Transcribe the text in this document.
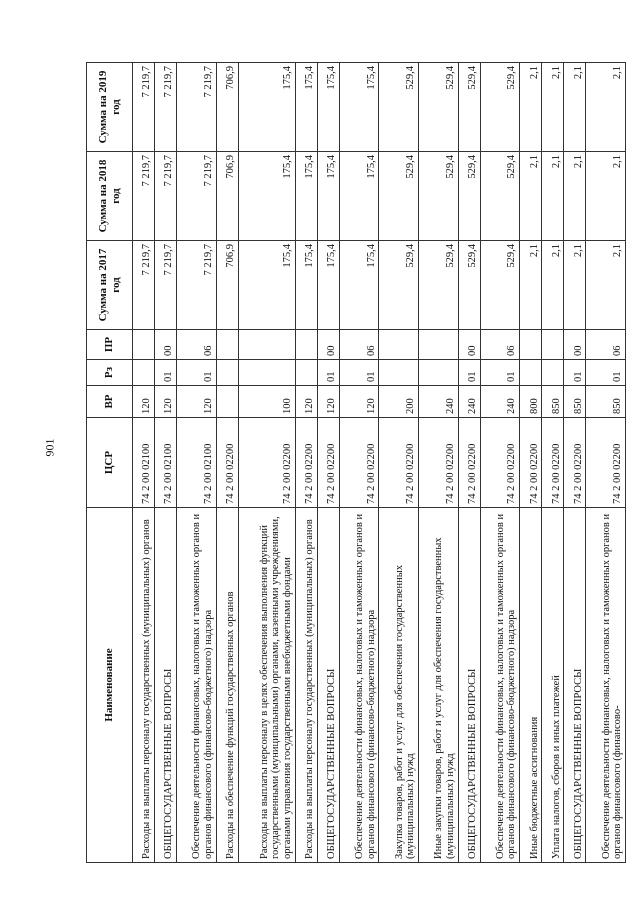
901
Наименование	ЦСР	ВР	Рз	ПР	Сумма на 2017 год	Сумма на 2018 год	Сумма на 2019 год
Расходы на выплаты персоналу государственных (муниципальных) органов	74 2 00 02100	120			7 219,7	7 219,7	7 219,7
ОБЩЕГОСУДАРСТВЕННЫЕ ВОПРОСЫ	74 2 00 02100	120	01	00	7 219,7	7 219,7	7 219,7
Обеспечение деятельности финансовых, налоговых и таможенных органов и органов финансового (финансово-бюджетного) надзора	74 2 00 02100	120	01	06	7 219,7	7 219,7	7 219,7
Расходы на обеспечение функций государственных органов	74 2 00 02200				706,9	706,9	706,9
Расходы на выплаты персоналу в целях обеспечения выполнения функций государственными (муниципальными) органами, казенными учреждениями, органами управления государственными внебюджетными фондами	74 2 00 02200	100			175,4	175,4	175,4
Расходы на выплаты персоналу государственных (муниципальных) органов	74 2 00 02200	120			175,4	175,4	175,4
ОБЩЕГОСУДАРСТВЕННЫЕ ВОПРОСЫ	74 2 00 02200	120	01	00	175,4	175,4	175,4
Обеспечение деятельности финансовых, налоговых и таможенных органов и органов финансового (финансово-бюджетного) надзора	74 2 00 02200	120	01	06	175,4	175,4	175,4
Закупка товаров, работ и услуг для обеспечения государственных (муниципальных) нужд	74 2 00 02200	200			529,4	529,4	529,4
Иные закупки товаров, работ и услуг для обеспечения государственных (муниципальных) нужд	74 2 00 02200	240			529,4	529,4	529,4
ОБЩЕГОСУДАРСТВЕННЫЕ ВОПРОСЫ	74 2 00 02200	240	01	00	529,4	529,4	529,4
Обеспечение деятельности финансовых, налоговых и таможенных органов и органов финансового (финансово-бюджетного) надзора	74 2 00 02200	240	01	06	529,4	529,4	529,4
Иные бюджетные ассигнования	74 2 00 02200	800			2,1	2,1	2,1
Уплата налогов, сборов и иных платежей	74 2 00 02200	850			2,1	2,1	2,1
ОБЩЕГОСУДАРСТВЕННЫЕ ВОПРОСЫ	74 2 00 02200	850	01	00	2,1	2,1	2,1
Обеспечение деятельности финансовых, налоговых и таможенных органов и органов финансового (финансово-	74 2 00 02200	850	01	06	2,1	2,1	2,1
